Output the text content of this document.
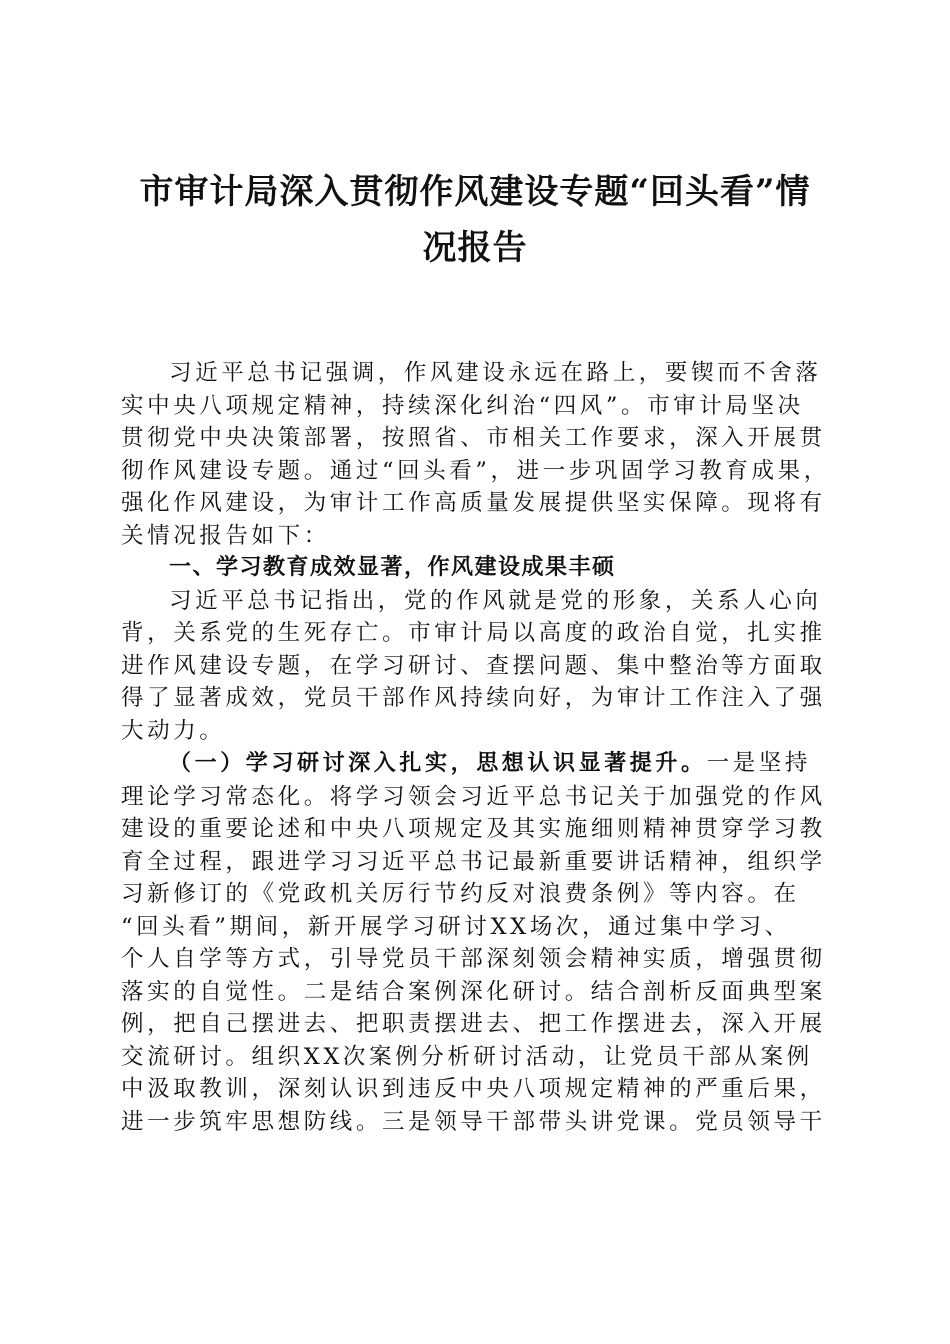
市审计局深入贯彻作风建设专题“回头看”情
况报告
习近平总书记强调，作风建设永远在路上，要锲而不舍落
实中央八项规定精神，持续深化纠治“四风”。市审计局坚决
贯彻党中央决策部署，按照省、市相关工作要求，深入开展贯
彻作风建设专题。通过“回头看”，进一步巩固学习教育成果，
强化作风建设，为审计工作高质量发展提供坚实保障。现将有
关情况报告如下：
一、学习教育成效显著，作风建设成果丰硕
习近平总书记指出，党的作风就是党的形象，关系人心向
背，关系党的生死存亡。市审计局以高度的政治自觉，扎实推
进作风建设专题，在学习研讨、查摆问题、集中整治等方面取
得了显著成效，党员干部作风持续向好，为审计工作注入了强
大动力。
（一）学习研讨深入扎实，思想认识显著提升。一是坚持
理论学习常态化。将学习领会习近平总书记关于加强党的作风
建设的重要论述和中央八项规定及其实施细则精神贯穿学习教
育全过程，跟进学习习近平总书记最新重要讲话精神，组织学
习新修订的《党政机关厉行节约反对浪费条例》等内容。在
“回头看”期间，新开展学习研讨XX场次，通过集中学习、
个人自学等方式，引导党员干部深刻领会精神实质，增强贯彻
落实的自觉性。二是结合案例深化研讨。结合剖析反面典型案
例，把自己摆进去、把职责摆进去、把工作摆进去，深入开展
交流研讨。组织XX次案例分析研讨活动，让党员干部从案例
中汲取教训，深刻认识到违反中央八项规定精神的严重后果，
进一步筑牢思想防线。三是领导干部带头讲党课。党员领导干
